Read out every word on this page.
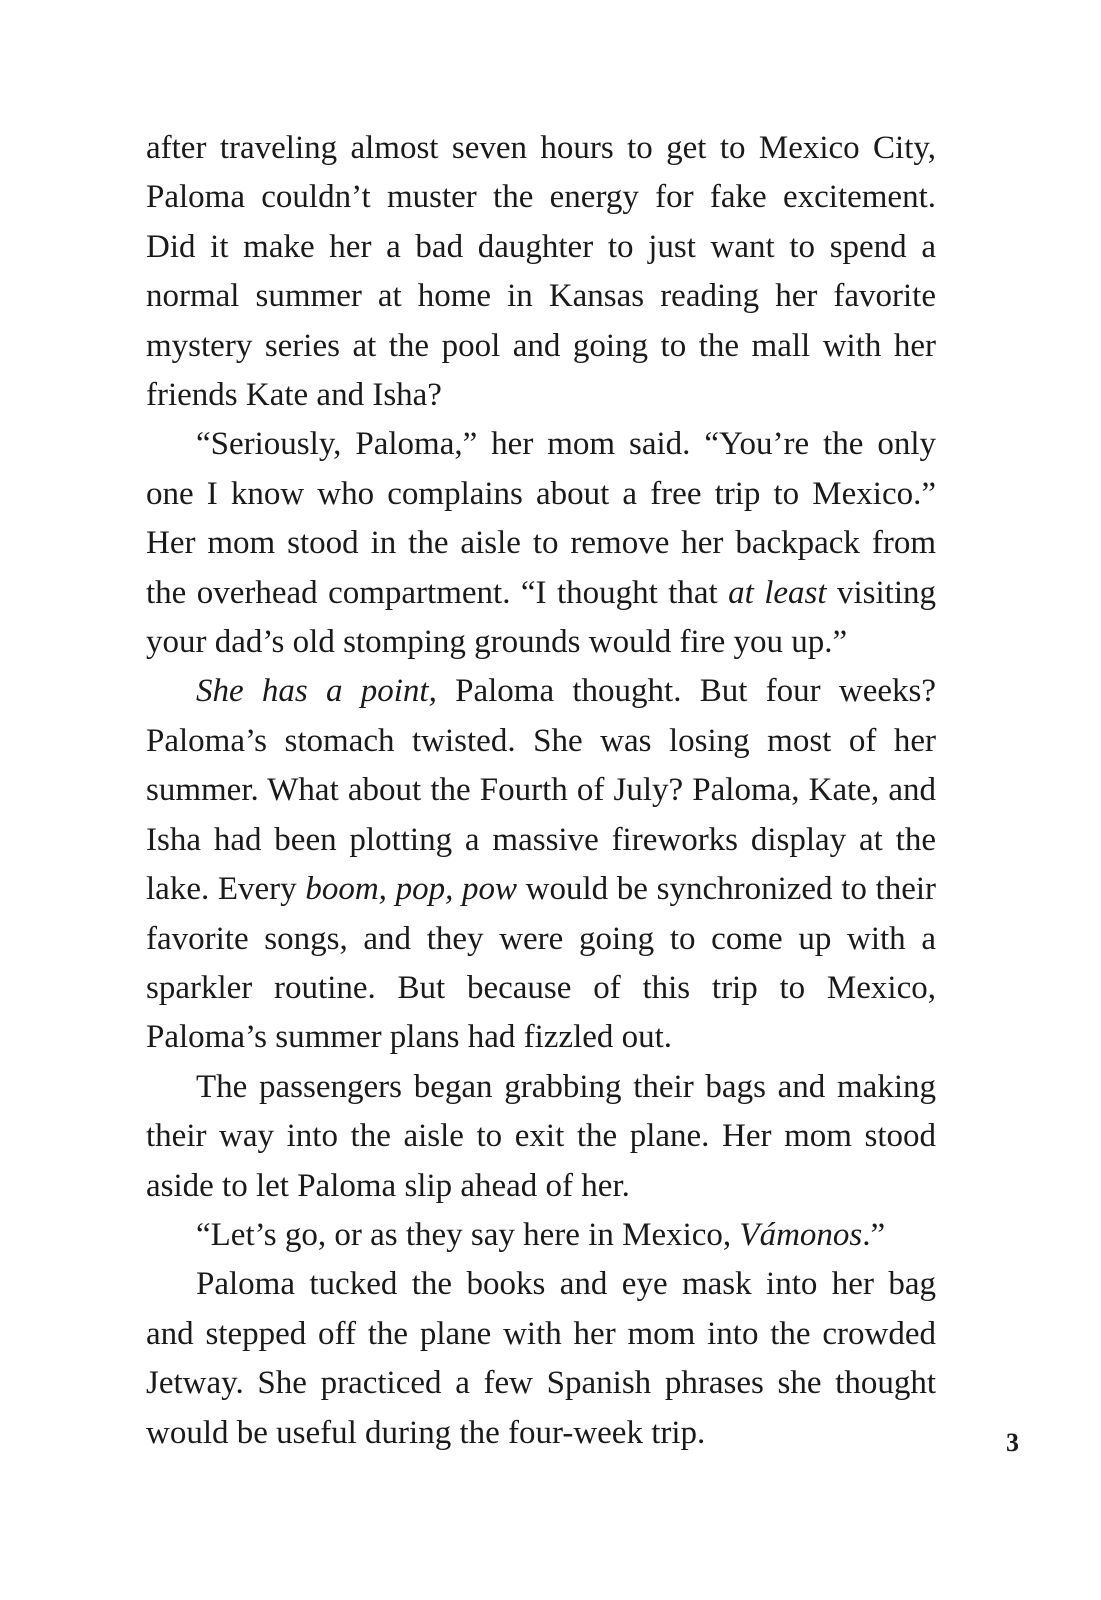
after traveling almost seven hours to get to Mexico City, Paloma couldn’t muster the energy for fake excitement. Did it make her a bad daughter to just want to spend a normal summer at home in Kansas reading her favorite mystery series at the pool and going to the mall with her friends Kate and Isha?

“Seriously, Paloma,” her mom said. “You’re the only one I know who complains about a free trip to Mexico.” Her mom stood in the aisle to remove her backpack from the overhead compartment. “I thought that at least visiting your dad’s old stomping grounds would fire you up.”

She has a point, Paloma thought. But four weeks? Paloma’s stomach twisted. She was losing most of her summer. What about the Fourth of July? Paloma, Kate, and Isha had been plotting a massive fireworks display at the lake. Every boom, pop, pow would be synchronized to their favorite songs, and they were going to come up with a sparkler routine. But because of this trip to Mexico, Paloma’s summer plans had fizzled out.

The passengers began grabbing their bags and making their way into the aisle to exit the plane. Her mom stood aside to let Paloma slip ahead of her.

“Let’s go, or as they say here in Mexico, Vámonos.”

Paloma tucked the books and eye mask into her bag and stepped off the plane with her mom into the crowded Jetway. She practiced a few Spanish phrases she thought would be useful during the four-week trip.	3
